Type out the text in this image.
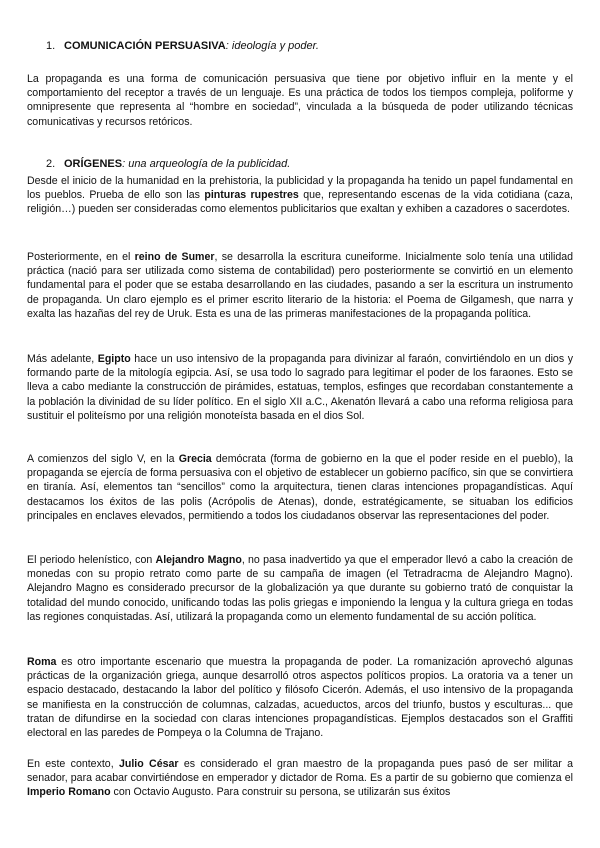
1. COMUNICACIÓN PERSUASIVA: ideología y poder.

La propaganda es una forma de comunicación persuasiva que tiene por objetivo influir en la mente y el comportamiento del receptor a través de un lenguaje. Es una práctica de todos los tiempos compleja, poliforme y omnipresente que representa al “hombre en sociedad”, vinculada a la búsqueda de poder utilizando técnicas comunicativas y recursos retóricos.

2. ORÍGENES: una arqueología de la publicidad.

Desde el inicio de la humanidad en la prehistoria, la publicidad y la propaganda ha tenido un papel fundamental en los pueblos. Prueba de ello son las pinturas rupestres que, representando escenas de la vida cotidiana (caza, religión…) pueden ser consideradas como elementos publicitarios que exaltan y exhiben a cazadores o sacerdotes.

Posteriormente, en el reino de Sumer, se desarrolla la escritura cuneiforme. Inicialmente solo tenía una utilidad práctica (nació para ser utilizada como sistema de contabilidad) pero posteriormente se convirtió en un elemento fundamental para el poder que se estaba desarrollando en las ciudades, pasando a ser la escritura un instrumento de propaganda. Un claro ejemplo es el primer escrito literario de la historia: el Poema de Gilgamesh, que narra y exalta las hazañas del rey de Uruk. Esta es una de las primeras manifestaciones de la propaganda política.

Más adelante, Egipto hace un uso intensivo de la propaganda para divinizar al faraón, convirtiéndolo en un dios y formando parte de la mitología egipcia. Así, se usa todo lo sagrado para legitimar el poder de los faraones. Esto se lleva a cabo mediante la construcción de pirámides, estatuas, templos, esfinges que recordaban constantemente a la población la divinidad de su líder político. En el siglo XII a.C., Akenatón llevará a cabo una reforma religiosa para sustituir el politeísmo por una religión monoteísta basada en el dios Sol.

A comienzos del siglo V, en la Grecia demócrata (forma de gobierno en la que el poder reside en el pueblo), la propaganda se ejercía de forma persuasiva con el objetivo de establecer un gobierno pacífico, sin que se convirtiera en tiranía. Así, elementos tan “sencillos” como la arquitectura, tienen claras intenciones propagandísticas. Aquí destacamos los éxitos de las polis (Acrópolis de Atenas), donde, estratégicamente, se situaban los edificios principales en enclaves elevados, permitiendo a todos los ciudadanos observar las representaciones del poder.

El periodo helenístico, con Alejandro Magno, no pasa inadvertido ya que el emperador llevó a cabo la creación de monedas con su propio retrato como parte de su campaña de imagen (el Tetradracma de Alejandro Magno). Alejandro Magno es considerado precursor de la globalización ya que durante su gobierno trató de conquistar la totalidad del mundo conocido, unificando todas las polis griegas e imponiendo la lengua y la cultura griega en todas las regiones conquistadas. Así, utilizará la propaganda como un elemento fundamental de su acción política.

Roma es otro importante escenario que muestra la propaganda de poder. La romanización aprovechó algunas prácticas de la organización griega, aunque desarrolló otros aspectos políticos propios. La oratoria va a tener un espacio destacado, destacando la labor del político y filósofo Cicerón. Además, el uso intensivo de la propaganda se manifiesta en la construcción de columnas, calzadas, acueductos, arcos del triunfo, bustos y esculturas... que tratan de difundirse en la sociedad con claras intenciones propagandísticas. Ejemplos destacados son el Graffiti electoral en las paredes de Pompeya o la Columna de Trajano.

En este contexto, Julio César es considerado el gran maestro de la propaganda pues pasó de ser militar a senador, para acabar convirtiéndose en emperador y dictador de Roma. Es a partir de su gobierno que comienza el Imperio Romano con Octavio Augusto. Para construir su persona, se utilizarán sus éxitos
